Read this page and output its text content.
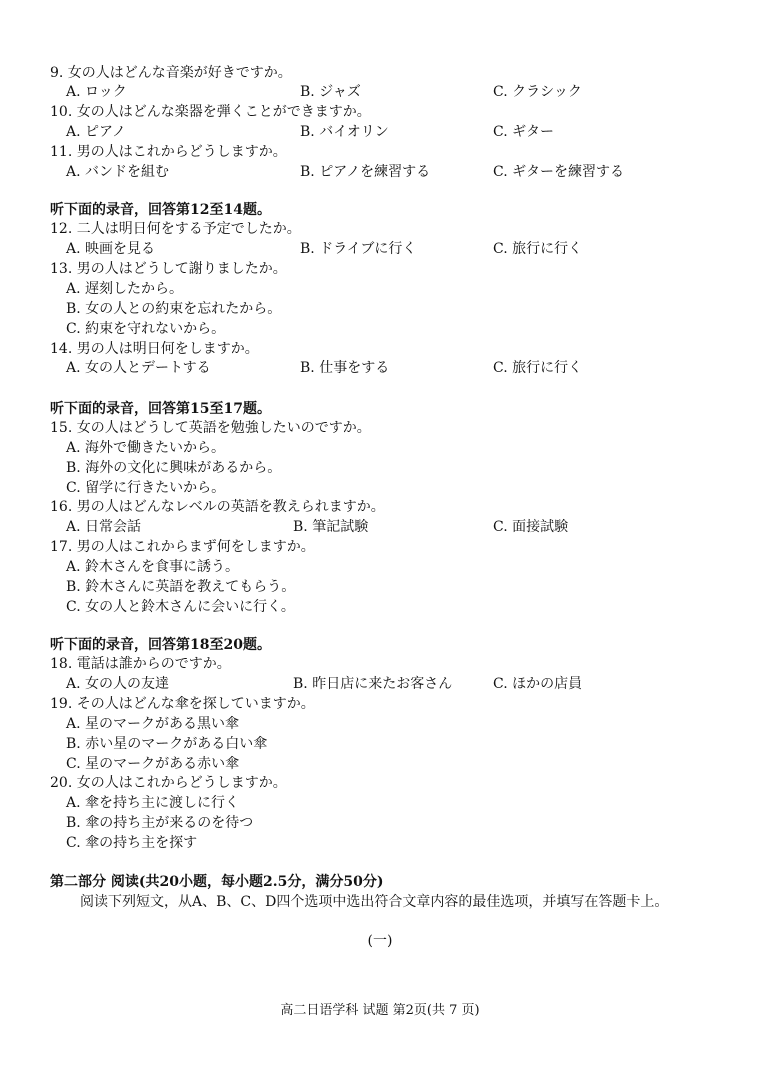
9. 女の人はどんな音楽が好きですか。
A. ロック	B. ジャズ	C. クラシック
10. 女の人はどんな楽器を弾くことができますか。
A. ピアノ	B. バイオリン	C. ギター
11. 男の人はこれからどうしますか。
A. バンドを組む	B. ピアノを練習する	C. ギターを練習する
听下面的录音，回答第12至14题。
12. 二人は明日何をする予定でしたか。
A. 映画を見る	B. ドライブに行く	C. 旅行に行く
13. 男の人はどうして謝りましたか。
A. 遅刻したから。
B. 女の人との約束を忘れたから。
C. 約束を守れないから。
14. 男の人は明日何をしますか。
A. 女の人とデートする	B. 仕事をする	C. 旅行に行く
听下面的录音，回答第15至17题。
15. 女の人はどうして英語を勉強したいのですか。
A. 海外で働きたいから。
B. 海外の文化に興味があるから。
C. 留学に行きたいから。
16. 男の人はどんなレベルの英語を教えられますか。
A. 日常会話	B. 筆記試験	C. 面接試験
17. 男の人はこれからまず何をしますか。
A. 鈴木さんを食事に誘う。
B. 鈴木さんに英語を教えてもらう。
C. 女の人と鈴木さんに会いに行く。
听下面的录音，回答第18至20题。
18. 電話は誰からのですか。
A. 女の人の友達	B. 昨日店に来たお客さん	C. ほかの店員
19. その人はどんな傘を探していますか。
A. 星のマークがある黒い傘
B. 赤い星のマークがある白い傘
C. 星のマークがある赤い傘
20. 女の人はこれからどうしますか。
A. 傘を持ち主に渡しに行く
B. 傘の持ち主が来るのを待つ
C. 傘の持ち主を探す
第二部分 阅读(共20小题，每小题2.5分，满分50分)
阅读下列短文，从A、B、C、D四个选项中选出符合文章内容的最佳选项，并填写在答题卡上。
(一)
高二日语学科 试题 第2页(共 7 页)
